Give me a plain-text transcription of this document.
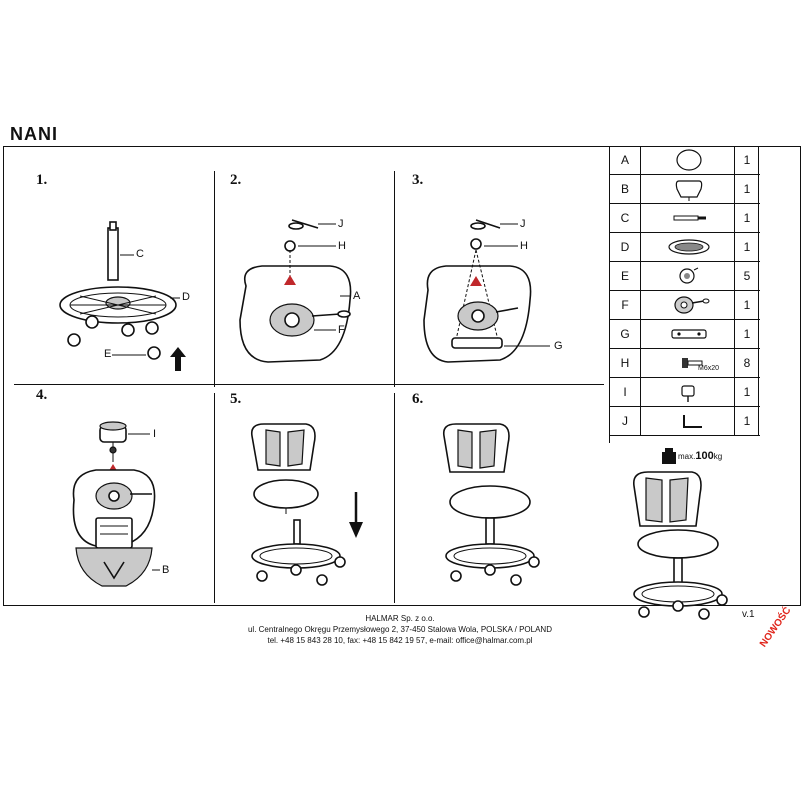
NANI
1.	2.	3.
4.	5.	6.
C
D
E
J
H
A
F
J
H
G
I
B
max.100kg
A	1
B	1
C	1
D	1
E	5
F	1
G	1
H	M6x20	8
I	1
J	1
HALMAR Sp. z o.o.
ul. Centralnego Okręgu Przemysłowego 2, 37-450 Stalowa Wola, POLSKA / POLAND
tel. +48 15 843 28 10, fax: +48 15 842 19 57, e-mail: office@halmar.com.pl
v.1 NOWOŚĆ
